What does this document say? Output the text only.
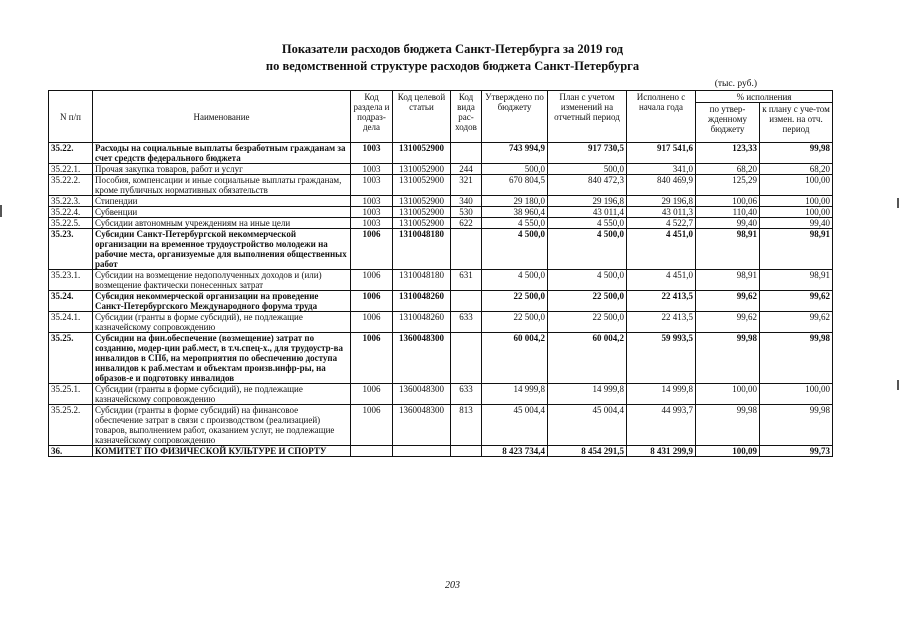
Показатели расходов бюджета Санкт-Петербурга за 2019 год
по ведомственной структуре расходов бюджета Санкт-Петербурга
(тыс. руб.)
N п/п	Наименование	Код раздела и подраз-дела	Код целевой статьи	Код вида рас-ходов	Утверждено по бюджету	План с учетом изменений на отчетный период	Исполнено с начала года	% исполнения	
								по утвер-жденному бюджету	к плану с уче-том измен. на отч. период
35.22.	Расходы на социальные выплаты безработным гражданам за счет средств федерального бюджета	1003	1310052900		743 994,9	917 730,5	917 541,6	123,33	99,98
35.22.1.	Прочая закупка товаров, работ и услуг	1003	1310052900	244	500,0	500,0	341,0	68,20	68,20
35.22.2.	Пособия, компенсации и иные социальные выплаты гражданам, кроме публичных нормативных обязательств	1003	1310052900	321	670 804,5	840 472,3	840 469,9	125,29	100,00
35.22.3.	Стипендии	1003	1310052900	340	29 180,0	29 196,8	29 196,8	100,06	100,00
35.22.4.	Субвенции	1003	1310052900	530	38 960,4	43 011,4	43 011,3	110,40	100,00
35.22.5.	Субсидии автономным учреждениям на иные цели	1003	1310052900	622	4 550,0	4 550,0	4 522,7	99,40	99,40
35.23.	Субсидии Санкт-Петербургской некоммерческой организации на временное трудоустройство молодежи на рабочие места, организуемые для выполнения общественных работ	1006	1310048180		4 500,0	4 500,0	4 451,0	98,91	98,91
35.23.1.	Субсидии на возмещение недополученных доходов и (или) возмещение фактически понесенных затрат	1006	1310048180	631	4 500,0	4 500,0	4 451,0	98,91	98,91
35.24.	Субсидия некоммерческой организации на проведение Санкт-Петербургского Международного форума труда	1006	1310048260		22 500,0	22 500,0	22 413,5	99,62	99,62
35.24.1.	Субсидии (гранты в форме субсидий), не подлежащие казначейскому сопровождению	1006	1310048260	633	22 500,0	22 500,0	22 413,5	99,62	99,62
35.25.	Субсидии на фин.обеспечение (возмещение) затрат по созданию, модер-ции раб.мест, в т.ч.спец-х., для трудоустр-ва инвалидов в СПб, на мероприятия по обеспечению доступа инвалидов к раб.местам и объектам произв.инфр-ры, на образов-е и подготовку инвалидов	1006	1360048300		60 004,2	60 004,2	59 993,5	99,98	99,98
35.25.1.	Субсидии (гранты в форме субсидий), не подлежащие казначейскому сопровождению	1006	1360048300	633	14 999,8	14 999,8	14 999,8	100,00	100,00
35.25.2.	Субсидии (гранты в форме субсидий) на финансовое обеспечение затрат в связи с производством (реализацией) товаров, выполнением работ, оказанием услуг, не подлежащие казначейскому сопровождению	1006	1360048300	813	45 004,4	45 004,4	44 993,7	99,98	99,98
36.	КОМИТЕТ ПО ФИЗИЧЕСКОЙ КУЛЬТУРЕ И СПОРТУ				8 423 734,4	8 454 291,5	8 431 299,9	100,09	99,73
203
